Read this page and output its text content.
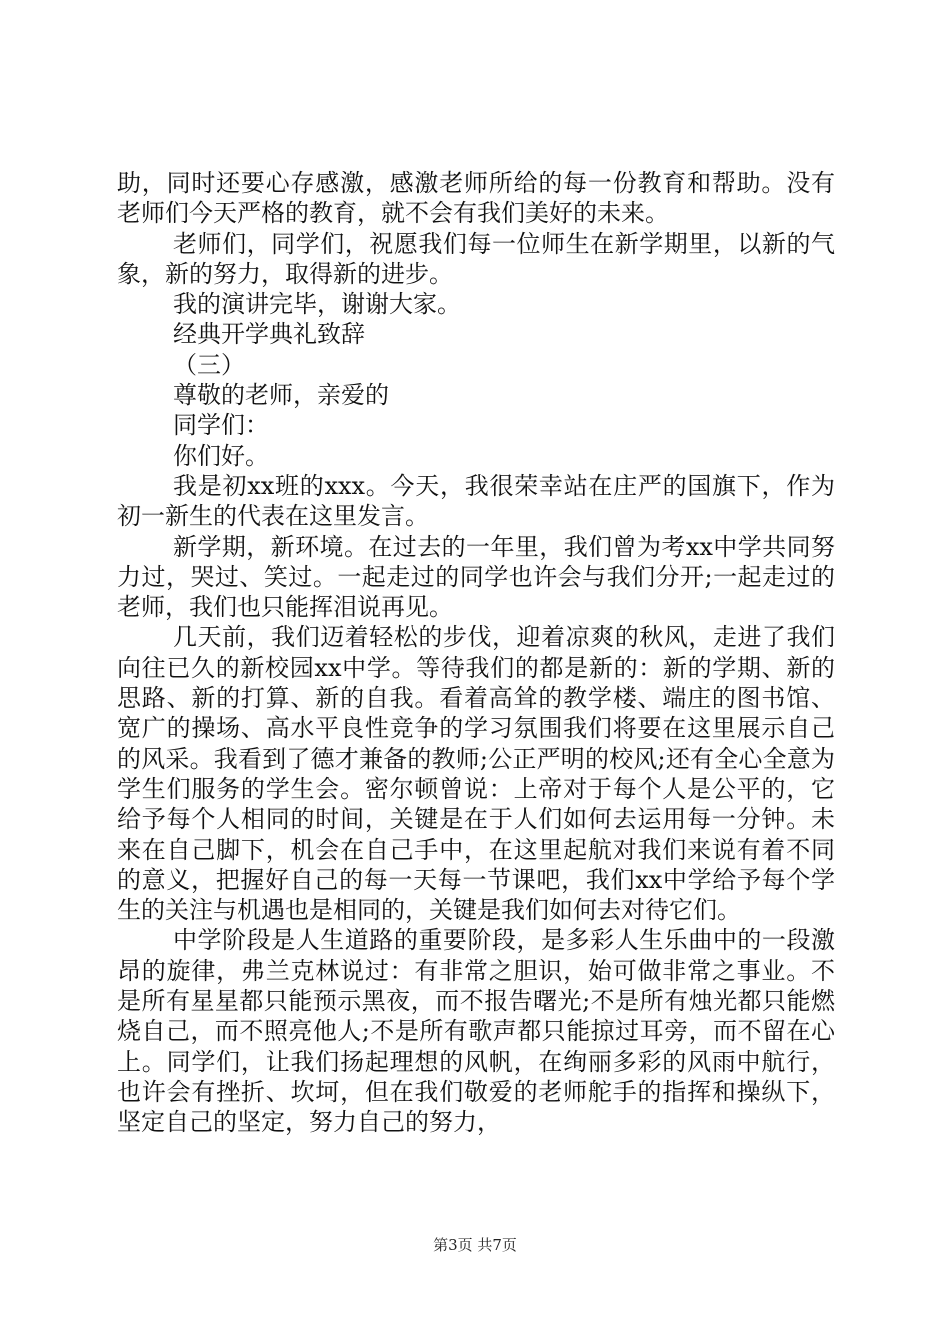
助，同时还要心存感激，感激老师所给的每一份教育和帮助。没有老师们今天严格的教育，就不会有我们美好的未来。

老师们，同学们，祝愿我们每一位师生在新学期里，以新的气象，新的努力，取得新的进步。

我的演讲完毕，谢谢大家。

经典开学典礼致辞

（三）

尊敬的老师，亲爱的

同学们：

你们好。

我是初xx班的xxx。今天，我很荣幸站在庄严的国旗下，作为初一新生的代表在这里发言。

新学期，新环境。在过去的一年里，我们曾为考xx中学共同努力过，哭过、笑过。一起走过的同学也许会与我们分开;一起走过的老师，我们也只能挥泪说再见。

几天前，我们迈着轻松的步伐，迎着凉爽的秋风，走进了我们向往已久的新校园xx中学。等待我们的都是新的：新的学期、新的思路、新的打算、新的自我。看着高耸的教学楼、端庄的图书馆、宽广的操场、高水平良性竞争的学习氛围我们将要在这里展示自己的风采。我看到了德才兼备的教师;公正严明的校风;还有全心全意为学生们服务的学生会。密尔顿曾说：上帝对于每个人是公平的，它给予每个人相同的时间，关键是在于人们如何去运用每一分钟。未来在自己脚下，机会在自己手中，在这里起航对我们来说有着不同的意义，把握好自己的每一天每一节课吧，我们xx中学给予每个学生的关注与机遇也是相同的，关键是我们如何去对待它们。

中学阶段是人生道路的重要阶段，是多彩人生乐曲中的一段激昂的旋律，弗兰克林说过：有非常之胆识，始可做非常之事业。不是所有星星都只能预示黑夜，而不报告曙光;不是所有烛光都只能燃烧自己，而不照亮他人;不是所有歌声都只能掠过耳旁，而不留在心上。同学们，让我们扬起理想的风帆，在绚丽多彩的风雨中航行，也许会有挫折、坎坷，但在我们敬爱的老师舵手的指挥和操纵下，坚定自己的坚定，努力自己的努力，

第3页 共7页
